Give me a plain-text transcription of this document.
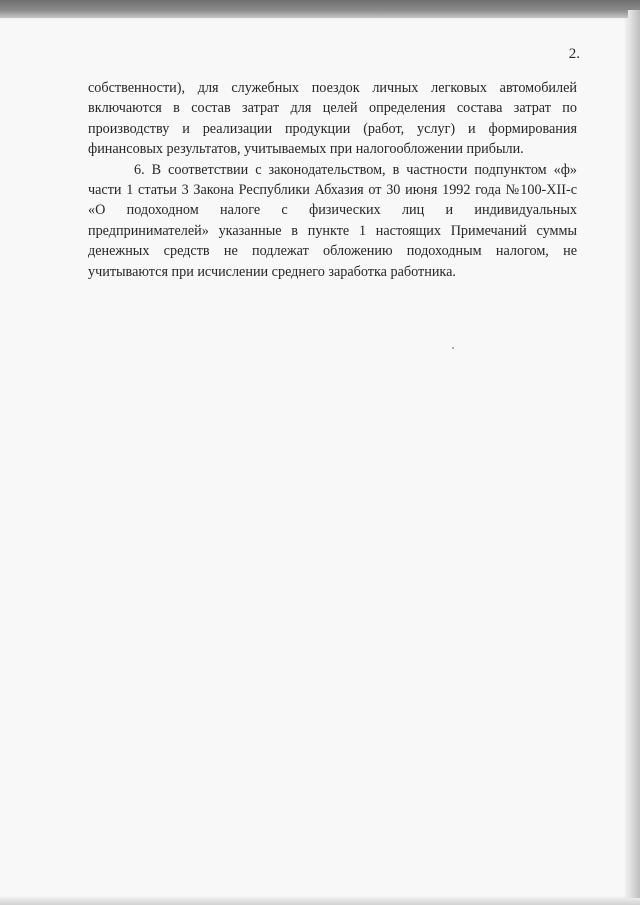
2.

собственности), для служебных поездок личных легковых автомобилей включаются в состав затрат для целей определения состава затрат по производству и реализации продукции (работ, услуг) и формирования финансовых результатов, учитываемых при налогообложении прибыли.

6. В соответствии с законодательством, в частности подпунктом «ф» части 1 статьи 3 Закона Республики Абхазия от 30 июня 1992 года №100-XII-с «О подоходном налоге с физических лиц и индивидуальных предпринимателей» указанные в пункте 1 настоящих Примечаний суммы денежных средств не подлежат обложению подоходным налогом, не учитываются при исчислении среднего заработка работника.
